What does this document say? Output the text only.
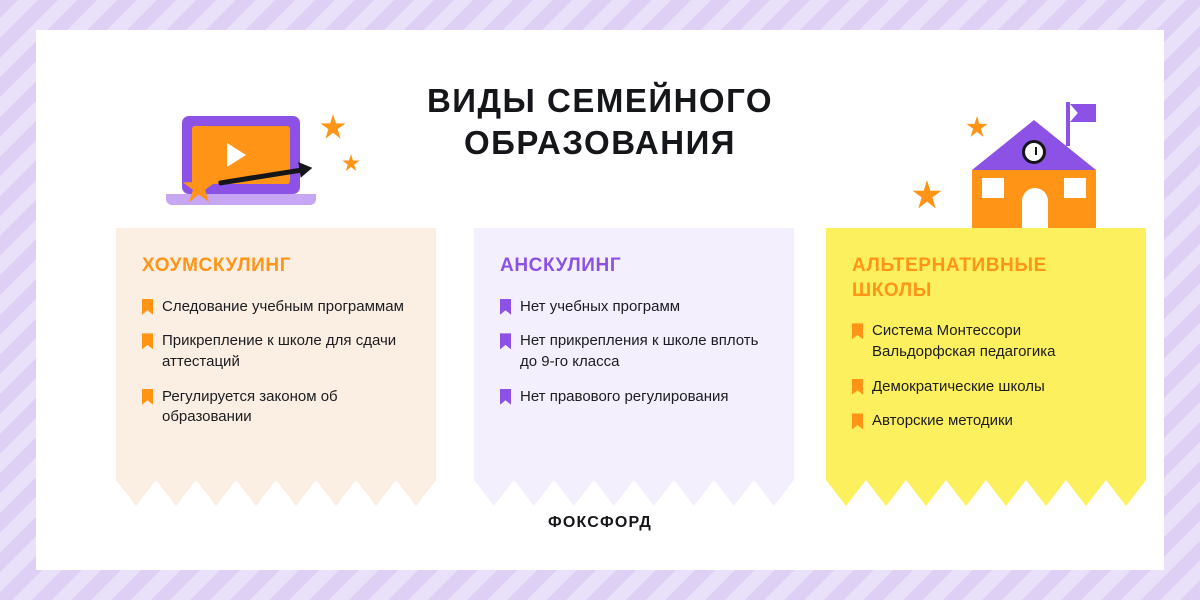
ВИДЫ СЕМЕЙНОГО
ОБРАЗОВАНИЯ
ХОУМСКУЛИНГ
Следование учебным программам
Прикрепление к школе для сдачи аттестаций
Регулируется законом об образовании
АНСКУЛИНГ
Нет учебных программ
Нет прикрепления к школе вплоть до 9-го класса
Нет правового регулирования
АЛЬТЕРНАТИВНЫЕ ШКОЛЫ
Система Монтессори Вальдорфская педагогика
Демократические школы
Авторские методики
ФОКСФОРД
